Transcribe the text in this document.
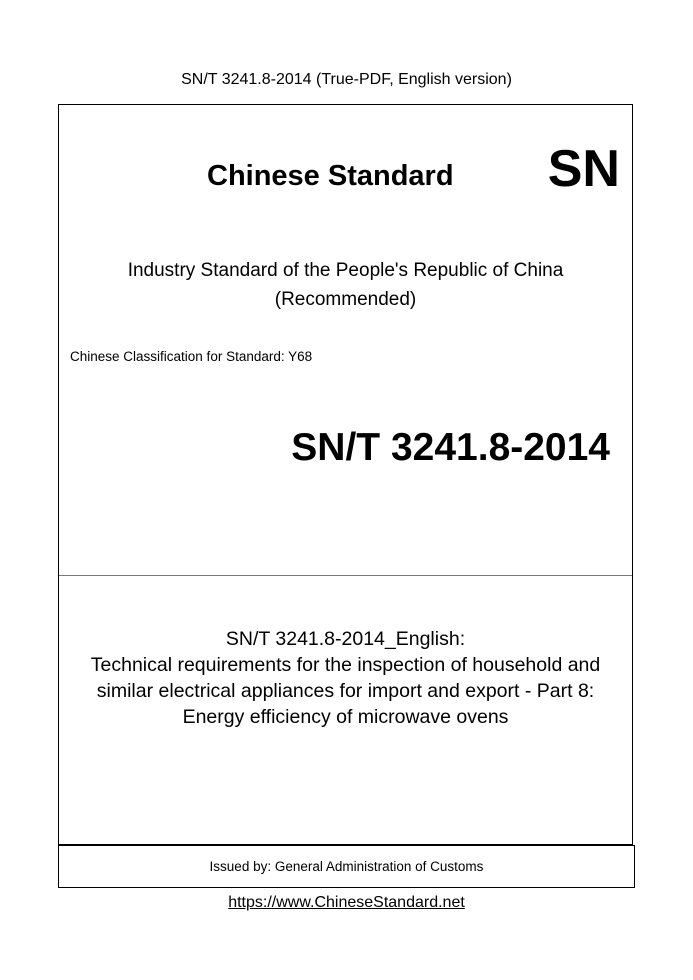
SN/T 3241.8-2014 (True-PDF, English version)
Chinese Standard SN
Industry Standard of the People's Republic of China
(Recommended)
Chinese Classification for Standard: Y68
SN/T 3241.8-2014
SN/T 3241.8-2014_English:
Technical requirements for the inspection of household and
similar electrical appliances for import and export - Part 8:
Energy efficiency of microwave ovens
Issued by: General Administration of Customs
https://www.ChineseStandard.net
